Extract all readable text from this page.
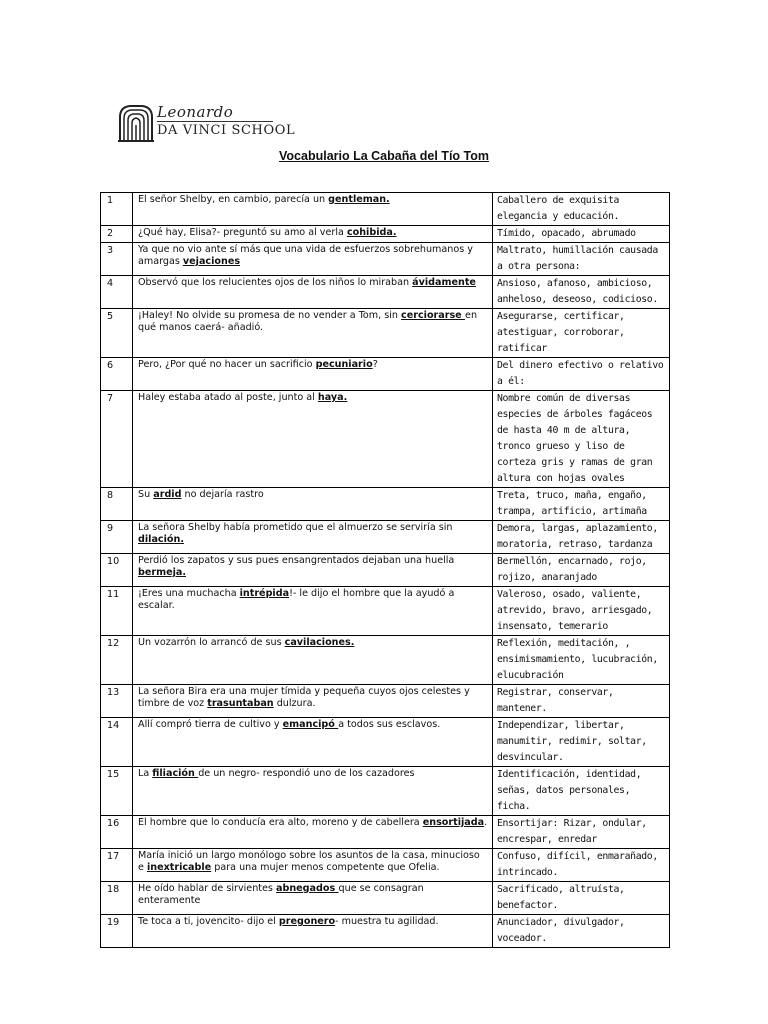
Leonardo
DA VINCI SCHOOL
Vocabulario La Cabaña del Tío Tom
1	El señor Shelby, en cambio, parecía un gentleman.	Caballero de exquisita elegancia y educación.
2	¿Qué hay, Elisa?- preguntó su amo al verla cohibida.	Tímido, opacado, abrumado
3	Ya que no vio ante sí más que una vida de esfuerzos sobrehumanos y amargas vejaciones	Maltrato, humillación causada a otra persona:
4	Observó que los relucientes ojos de los niños lo miraban ávidamente	Ansioso, afanoso, ambicioso, anheloso, deseoso, codicioso.
5	¡Haley! No olvide su promesa de no vender a Tom, sin cerciorarse en qué manos caerá- añadió.	Asegurarse, certificar, atestiguar, corroborar, ratificar
6	Pero, ¿Por qué no hacer un sacrificio pecuniario?	Del dinero efectivo o relativo a él:
7	Haley estaba atado al poste, junto al haya.	Nombre común de diversas especies de árboles fagáceos de hasta 40 m de altura, tronco grueso y liso de corteza gris y ramas de gran altura con hojas ovales
8	Su ardid no dejaría rastro	Treta, truco, maña, engaño, trampa, artificio, artimaña
9	La señora Shelby había prometido que el almuerzo se serviría sin dilación.	Demora, largas, aplazamiento, moratoria, retraso, tardanza
10	Perdió los zapatos y sus pues ensangrentados dejaban una huella bermeja.	Bermellón, encarnado, rojo, rojizo, anaranjado
11	¡Eres una muchacha intrépida!- le dijo el hombre que la ayudó a escalar.	Valeroso, osado, valiente, atrevido, bravo, arriesgado, insensato, temerario
12	Un vozarrón lo arrancó de sus cavilaciones.	Reflexión, meditación, , ensimismamiento, lucubración, elucubración
13	La señora Bira era una mujer tímida y pequeña cuyos ojos celestes y timbre de voz trasuntaban dulzura.	Registrar, conservar, mantener.
14	Allí compró tierra de cultivo y emancipó a todos sus esclavos.	Independizar, libertar, manumitir, redimir, soltar, desvincular.
15	La filiación de un negro- respondió uno de los cazadores	Identificación, identidad, señas, datos personales, ficha.
16	El hombre que lo conducía era alto, moreno y de cabellera ensortijada.	Ensortijar: Rizar, ondular, encrespar, enredar
17	María inició un largo monólogo sobre los asuntos de la casa, minucioso e inextricable para una mujer menos competente que Ofelia.	Confuso, difícil, enmarañado, intrincado.
18	He oído hablar de sirvientes abnegados que se consagran enteramente	Sacrificado, altruísta, benefactor.
19	Te toca a ti, jovencito- dijo el pregonero- muestra tu agilidad.	Anunciador, divulgador, voceador.
